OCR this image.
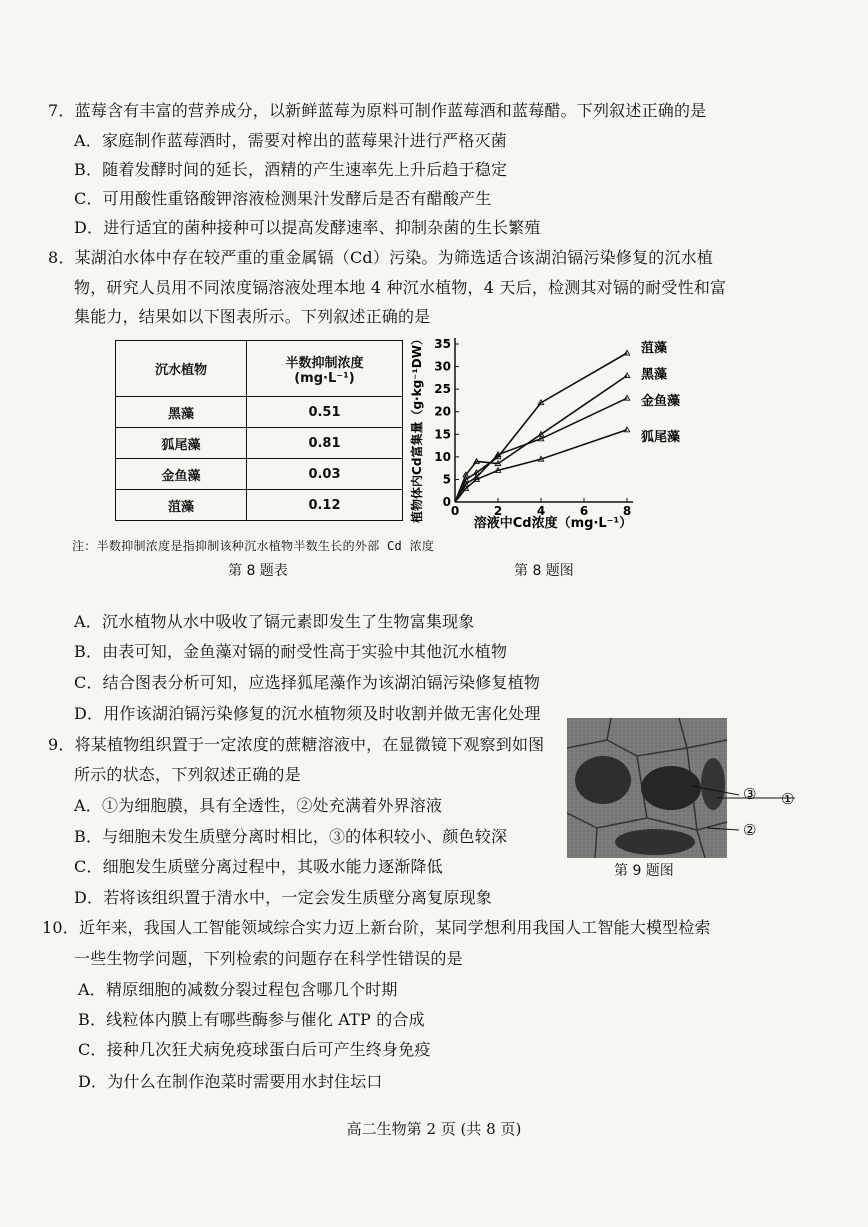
7．蓝莓含有丰富的营养成分，以新鲜蓝莓为原料可制作蓝莓酒和蓝莓醋。下列叙述正确的是
A．家庭制作蓝莓酒时，需要对榨出的蓝莓果汁进行严格灭菌
B．随着发酵时间的延长，酒精的产生速率先上升后趋于稳定
C．可用酸性重铬酸钾溶液检测果汁发酵后是否有醋酸产生
D．进行适宜的菌种接种可以提高发酵速率、抑制杂菌的生长繁殖
8．某湖泊水体中存在较严重的重金属镉（Cd）污染。为筛选适合该湖泊镉污染修复的沉水植
物，研究人员用不同浓度镉溶液处理本地 4 种沉水植物，4 天后，检测其对镉的耐受性和富
集能力，结果如以下图表所示。下列叙述正确的是
沉水植物	半数抑制浓度
(mg·L⁻¹)

黑藻	0.51
狐尾藻	0.81
金鱼藻	0.03
菹藻	0.12	植物体内Cd富集量（g·kg⁻¹DW）
溶液中Cd浓度（mg·L⁻¹）
0	2	4	6	8
5
10
15
20
25
30
35
0
菹藻
黑藻
金鱼藻
狐尾藻
注：半数抑制浓度是指抑制该种沉水植物半数生长的外部 Cd 浓度
第 8 题表	第 8 题图
A．沉水植物从水中吸收了镉元素即发生了生物富集现象
B．由表可知，金鱼藻对镉的耐受性高于实验中其他沉水植物
C．结合图表分析可知，应选择狐尾藻作为该湖泊镉污染修复植物
D．用作该湖泊镉污染修复的沉水植物须及时收割并做无害化处理
9．将某植物组织置于一定浓度的蔗糖溶液中，在显微镜下观察到如图
所示的状态，下列叙述正确的是
A．①为细胞膜，具有全透性，②处充满着外界溶液
B．与细胞未发生质壁分离时相比，③的体积较小、颜色较深
C．细胞发生质壁分离过程中，其吸水能力逐渐降低
D．若将该组织置于清水中，一定会发生质壁分离复原现象
①
③
②
第 9 题图
10．近年来，我国人工智能领域综合实力迈上新台阶，某同学想利用我国人工智能大模型检索
一些生物学问题，下列检索的问题存在科学性错误的是
A．精原细胞的减数分裂过程包含哪几个时期
B．线粒体内膜上有哪些酶参与催化 ATP 的合成
C．接种几次狂犬病免疫球蛋白后可产生终身免疫
D．为什么在制作泡菜时需要用水封住坛口
高二生物第 2 页 (共 8 页)
